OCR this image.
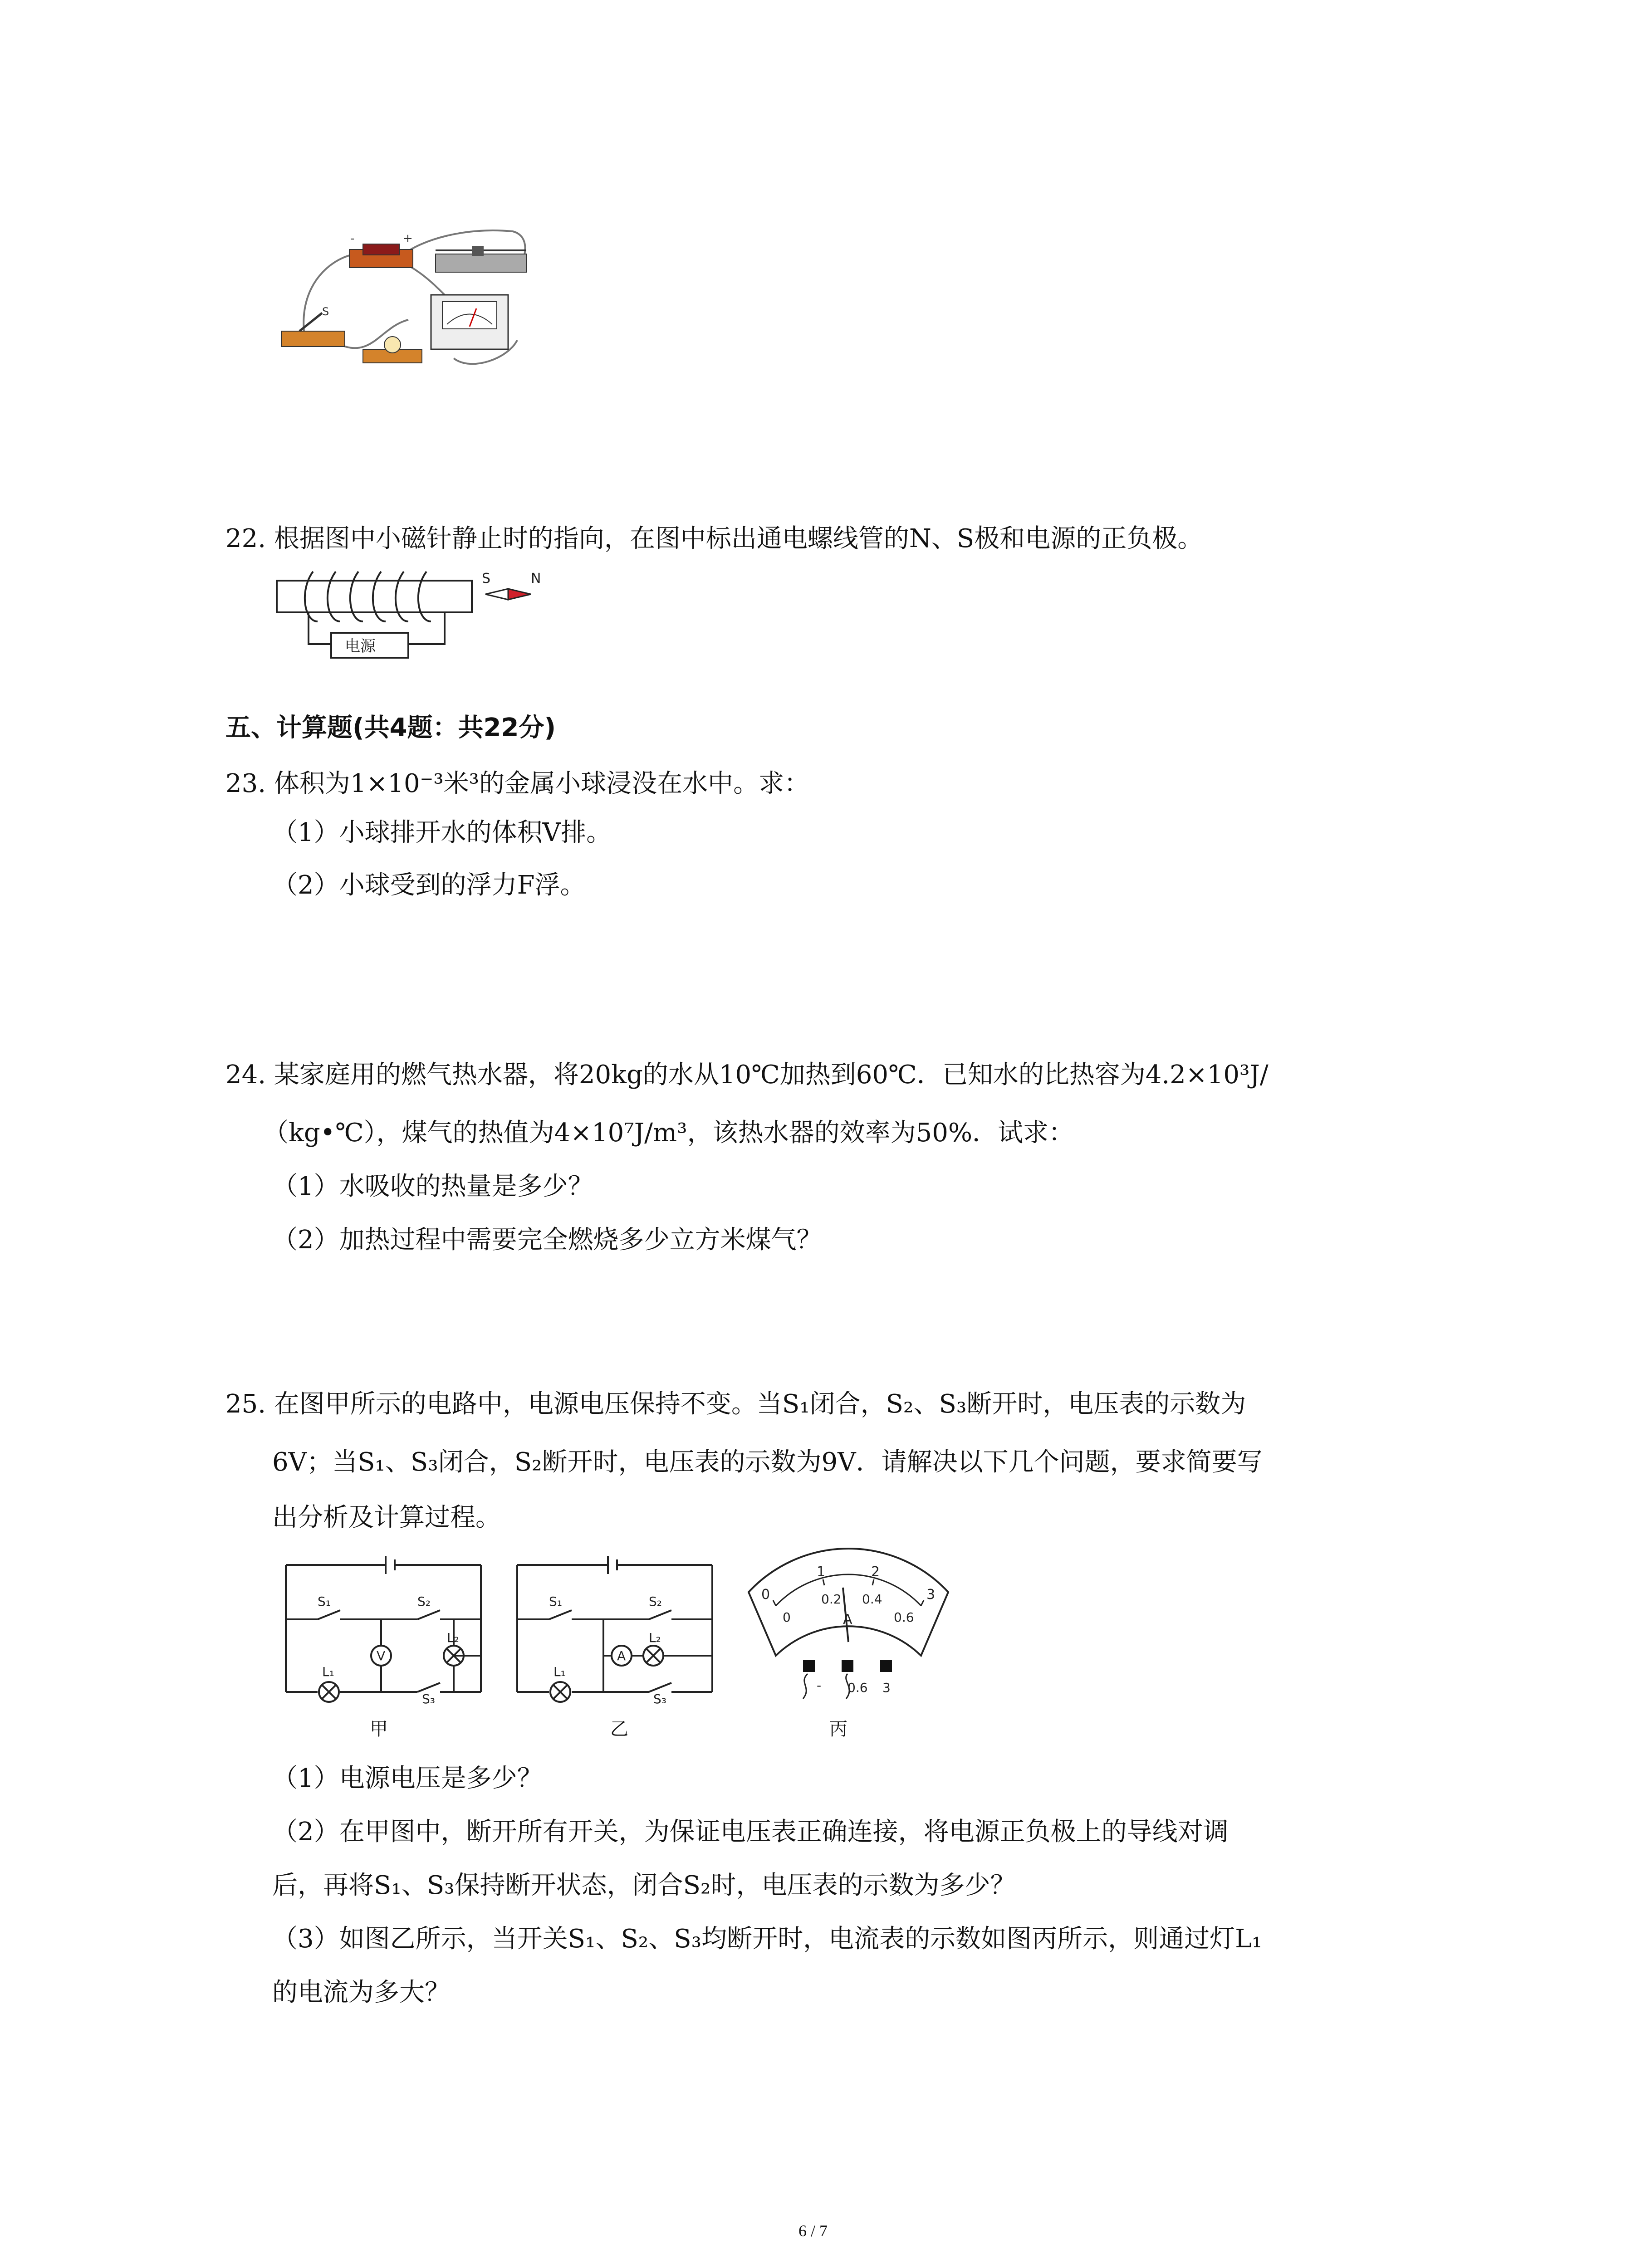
-	+
S
22. 根据图中小磁针静止时的指向，在图中标出通电螺线管的N、S极和电源的正负极。
电源
S	N
五、计算题(共4题：共22分)
23. 体积为1×10⁻³米³的金属小球浸没在水中。求：
（1）小球排开水的体积V排。
（2）小球受到的浮力F浮。
24. 某家庭用的燃气热水器，将20kg的水从10℃加热到60℃．已知水的比热容为4.2×10³J/
（kg•℃），煤气的热值为4×10⁷J/m³，该热水器的效率为50%．试求：
（1）水吸收的热量是多少？
（2）加热过程中需要完全燃烧多少立方米煤气？
25. 在图甲所示的电路中，电源电压保持不变。当S₁闭合，S₂、S₃断开时，电压表的示数为
6V；当S₁、S₃闭合，S₂断开时，电压表的示数为9V．请解决以下几个问题，要求简要写
出分析及计算过程。
V
S₁	S₂
S₃
L₁
L₂
甲
A
S₁	S₂
S₃
L₁
L₂
乙
0
1	2
3
0
0.2 0.4
0.6
A
- 0.6 3
丙
（1）电源电压是多少？
（2）在甲图中，断开所有开关，为保证电压表正确连接，将电源正负极上的导线对调
后，再将S₁、S₃保持断开状态，闭合S₂时，电压表的示数为多少？
（3）如图乙所示，当开关S₁、S₂、S₃均断开时，电流表的示数如图丙所示，则通过灯L₁
的电流为多大？
6 / 7
